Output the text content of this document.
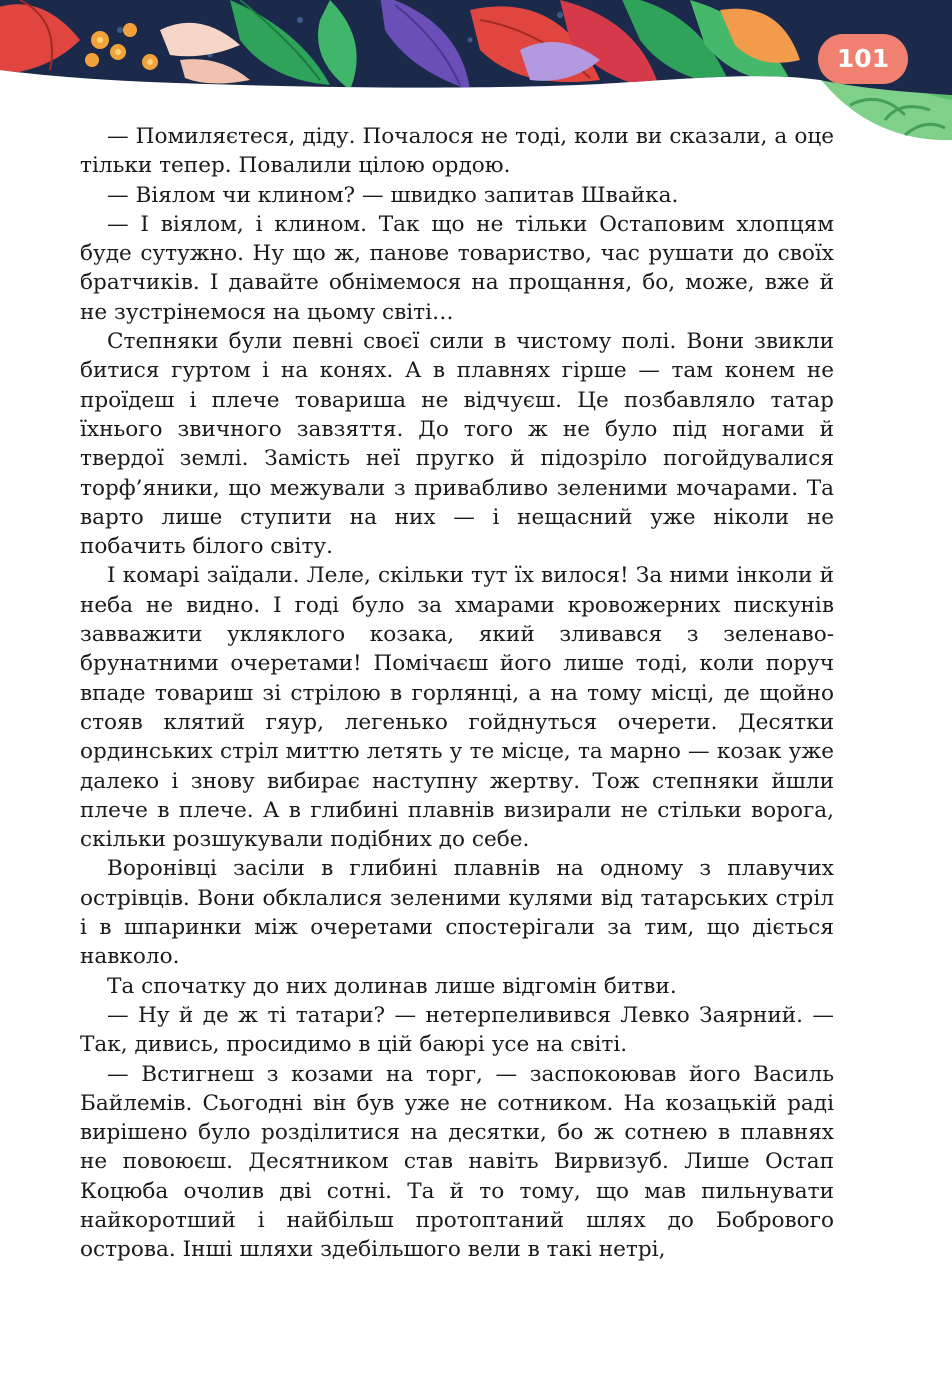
101

— Помиляєтеся, діду. Почалося не тоді, коли ви сказали, а оце тільки тепер. Повалили цілою ордою.

— Віялом чи клином? — швидко запитав Швайка.

— І віялом, і клином. Так що не тільки Остаповим хлопцям буде сутужно. Ну що ж, панове товариство, час рушати до своїх братчиків. І давайте обнімемося на прощання, бо, може, вже й не зустрінемося на цьому світі…

Степняки були певні своєї сили в чистому полі. Вони звикли битися гуртом і на конях. А в плавнях гірше — там конем не проїдеш і плече товариша не відчуєш. Це позбавляло татар їхнього звичного завзяття. До того ж не було під ногами й твердої землі. Замість неї пругко й підозріло погойдувалися торф’яники, що межували з привабливо зеленими мочарами. Та варто лише ступити на них — і нещасний уже ніколи не побачить білого світу.

І комарі заїдали. Леле, скільки тут їх вилося! За ними інколи й неба не видно. І годі було за хмарами кровожерних пискунів завважити укляклого козака, який зливався з зеленаво-брунатними очеретами! Помічаєш його лише тоді, коли поруч впаде товариш зі стрілою в горлянці, а на тому місці, де щойно стояв клятий гяур, легенько гойднуться очерети. Десятки ординських стріл миттю летять у те місце, та марно — козак уже далеко і знову вибирає наступну жертву. Тож степняки йшли плече в плече. А в глибині плавнів визирали не стільки ворога, скільки розшукували подібних до себе.

Воронівці засіли в глибині плавнів на одному з плавучих острівців. Вони обклалися зеленими кулями від татарських стріл і в шпаринки між очеретами спостерігали за тим, що діється навколо.

Та спочатку до них долинав лише відгомін битви.

— Ну й де ж ті татари? — нетерпеливився Левко Заярний. — Так, дивись, просидимо в цій баюрі усе на світі.

— Встигнеш з козами на торг, — заспокоював його Василь Байлемів. Сьогодні він був уже не сотником. На козацькій раді вирішено було розділитися на десятки, бо ж сотнею в плавнях не повоюєш. Десятником став навіть Вирвизуб. Лише Остап Коцюба очолив дві сотні. Та й то тому, що мав пильнувати найкоротший і найбільш протоптаний шлях до Бобрового острова. Інші шляхи здебільшого вели в такі нетрі,
